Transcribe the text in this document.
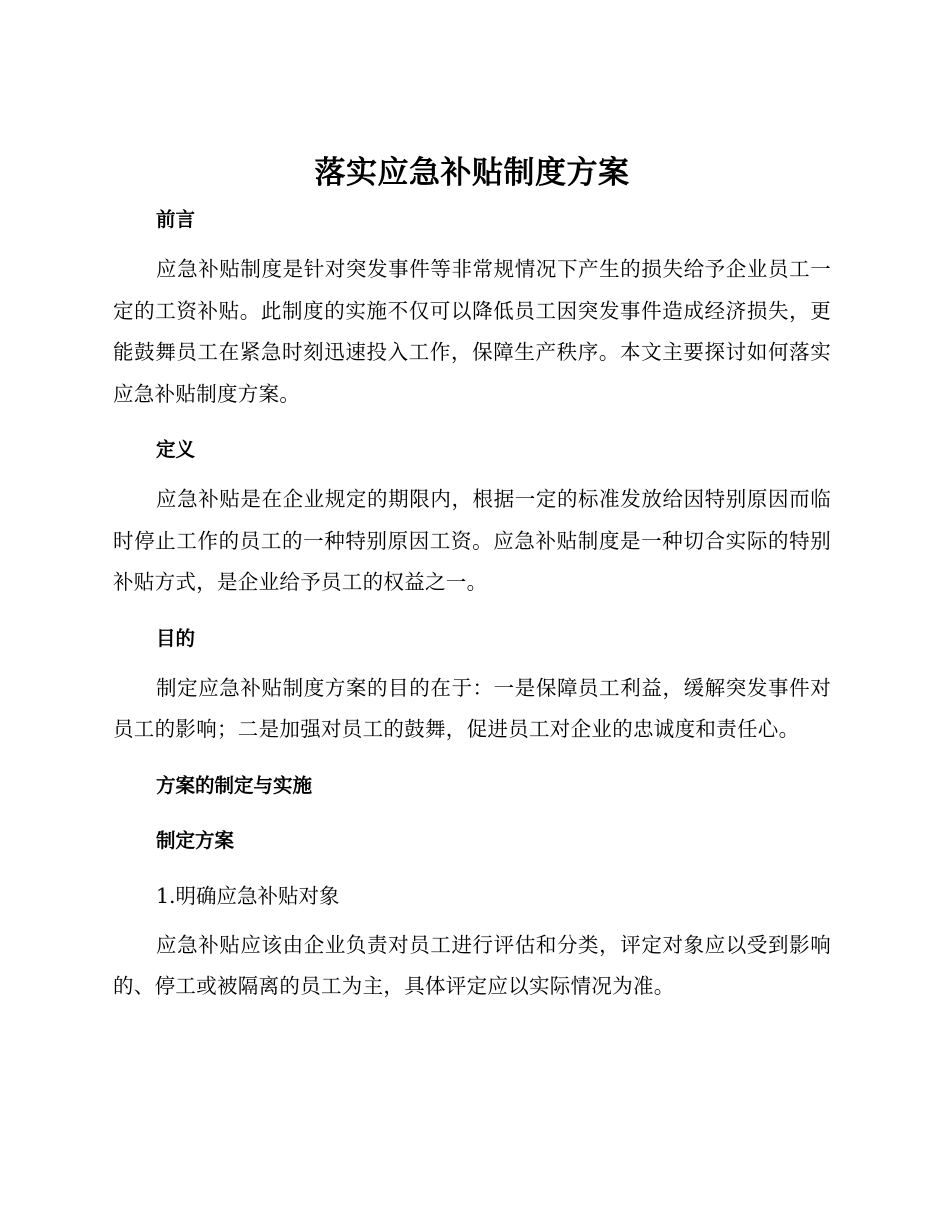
落实应急补贴制度方案
前言

应急补贴制度是针对突发事件等非常规情况下产生的损失给予企业员工一定的工资补贴。此制度的实施不仅可以降低员工因突发事件造成经济损失，更能鼓舞员工在紧急时刻迅速投入工作，保障生产秩序。本文主要探讨如何落实应急补贴制度方案。

定义

应急补贴是在企业规定的期限内，根据一定的标准发放给因特别原因而临时停止工作的员工的一种特别原因工资。应急补贴制度是一种切合实际的特别补贴方式，是企业给予员工的权益之一。

目的

制定应急补贴制度方案的目的在于：一是保障员工利益，缓解突发事件对员工的影响；二是加强对员工的鼓舞，促进员工对企业的忠诚度和责任心。

方案的制定与实施
制定方案

1.明确应急补贴对象

应急补贴应该由企业负责对员工进行评估和分类，评定对象应以受到影响的、停工或被隔离的员工为主，具体评定应以实际情况为准。
